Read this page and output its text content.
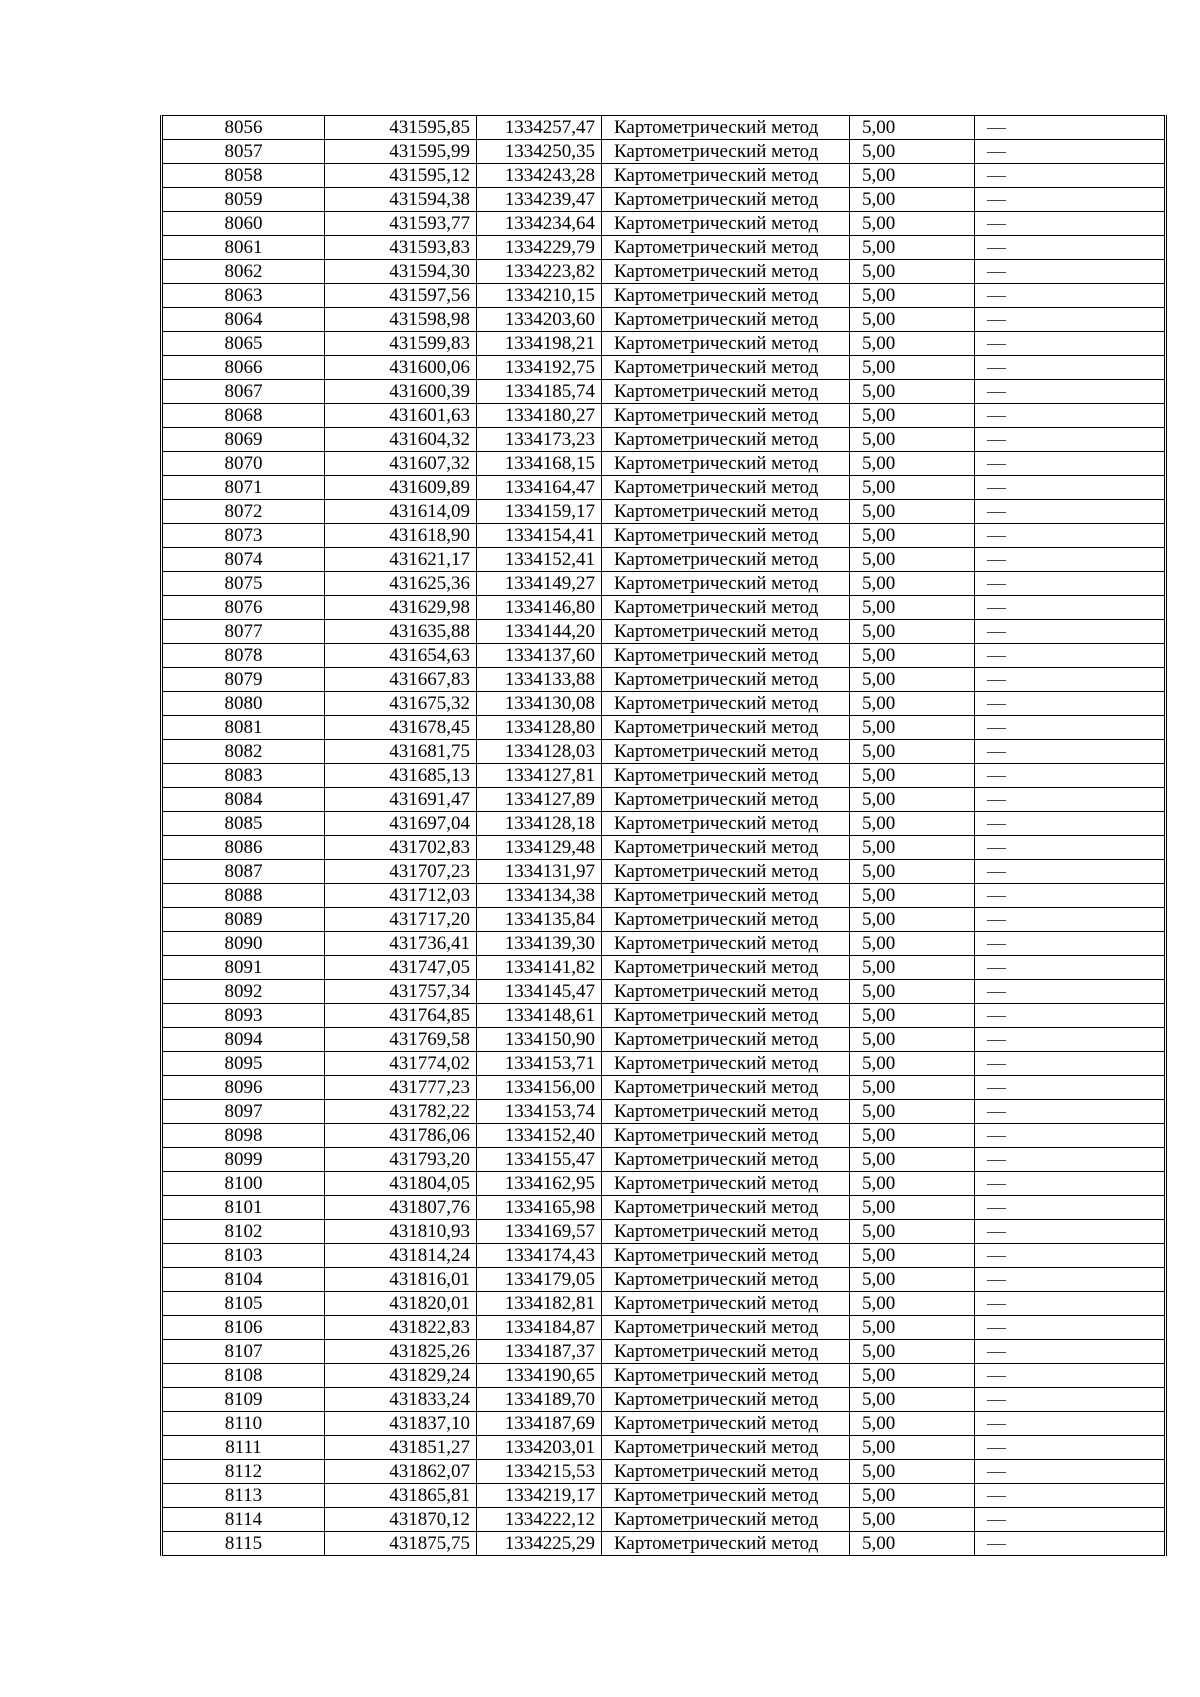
8056	431595,85	1334257,47	Картометрический метод	5,00	—
8057	431595,99	1334250,35	Картометрический метод	5,00	—
8058	431595,12	1334243,28	Картометрический метод	5,00	—
8059	431594,38	1334239,47	Картометрический метод	5,00	—
8060	431593,77	1334234,64	Картометрический метод	5,00	—
8061	431593,83	1334229,79	Картометрический метод	5,00	—
8062	431594,30	1334223,82	Картометрический метод	5,00	—
8063	431597,56	1334210,15	Картометрический метод	5,00	—
8064	431598,98	1334203,60	Картометрический метод	5,00	—
8065	431599,83	1334198,21	Картометрический метод	5,00	—
8066	431600,06	1334192,75	Картометрический метод	5,00	—
8067	431600,39	1334185,74	Картометрический метод	5,00	—
8068	431601,63	1334180,27	Картометрический метод	5,00	—
8069	431604,32	1334173,23	Картометрический метод	5,00	—
8070	431607,32	1334168,15	Картометрический метод	5,00	—
8071	431609,89	1334164,47	Картометрический метод	5,00	—
8072	431614,09	1334159,17	Картометрический метод	5,00	—
8073	431618,90	1334154,41	Картометрический метод	5,00	—
8074	431621,17	1334152,41	Картометрический метод	5,00	—
8075	431625,36	1334149,27	Картометрический метод	5,00	—
8076	431629,98	1334146,80	Картометрический метод	5,00	—
8077	431635,88	1334144,20	Картометрический метод	5,00	—
8078	431654,63	1334137,60	Картометрический метод	5,00	—
8079	431667,83	1334133,88	Картометрический метод	5,00	—
8080	431675,32	1334130,08	Картометрический метод	5,00	—
8081	431678,45	1334128,80	Картометрический метод	5,00	—
8082	431681,75	1334128,03	Картометрический метод	5,00	—
8083	431685,13	1334127,81	Картометрический метод	5,00	—
8084	431691,47	1334127,89	Картометрический метод	5,00	—
8085	431697,04	1334128,18	Картометрический метод	5,00	—
8086	431702,83	1334129,48	Картометрический метод	5,00	—
8087	431707,23	1334131,97	Картометрический метод	5,00	—
8088	431712,03	1334134,38	Картометрический метод	5,00	—
8089	431717,20	1334135,84	Картометрический метод	5,00	—
8090	431736,41	1334139,30	Картометрический метод	5,00	—
8091	431747,05	1334141,82	Картометрический метод	5,00	—
8092	431757,34	1334145,47	Картометрический метод	5,00	—
8093	431764,85	1334148,61	Картометрический метод	5,00	—
8094	431769,58	1334150,90	Картометрический метод	5,00	—
8095	431774,02	1334153,71	Картометрический метод	5,00	—
8096	431777,23	1334156,00	Картометрический метод	5,00	—
8097	431782,22	1334153,74	Картометрический метод	5,00	—
8098	431786,06	1334152,40	Картометрический метод	5,00	—
8099	431793,20	1334155,47	Картометрический метод	5,00	—
8100	431804,05	1334162,95	Картометрический метод	5,00	—
8101	431807,76	1334165,98	Картометрический метод	5,00	—
8102	431810,93	1334169,57	Картометрический метод	5,00	—
8103	431814,24	1334174,43	Картометрический метод	5,00	—
8104	431816,01	1334179,05	Картометрический метод	5,00	—
8105	431820,01	1334182,81	Картометрический метод	5,00	—
8106	431822,83	1334184,87	Картометрический метод	5,00	—
8107	431825,26	1334187,37	Картометрический метод	5,00	—
8108	431829,24	1334190,65	Картометрический метод	5,00	—
8109	431833,24	1334189,70	Картометрический метод	5,00	—
8110	431837,10	1334187,69	Картометрический метод	5,00	—
8111	431851,27	1334203,01	Картометрический метод	5,00	—
8112	431862,07	1334215,53	Картометрический метод	5,00	—
8113	431865,81	1334219,17	Картометрический метод	5,00	—
8114	431870,12	1334222,12	Картометрический метод	5,00	—
8115	431875,75	1334225,29	Картометрический метод	5,00	—
